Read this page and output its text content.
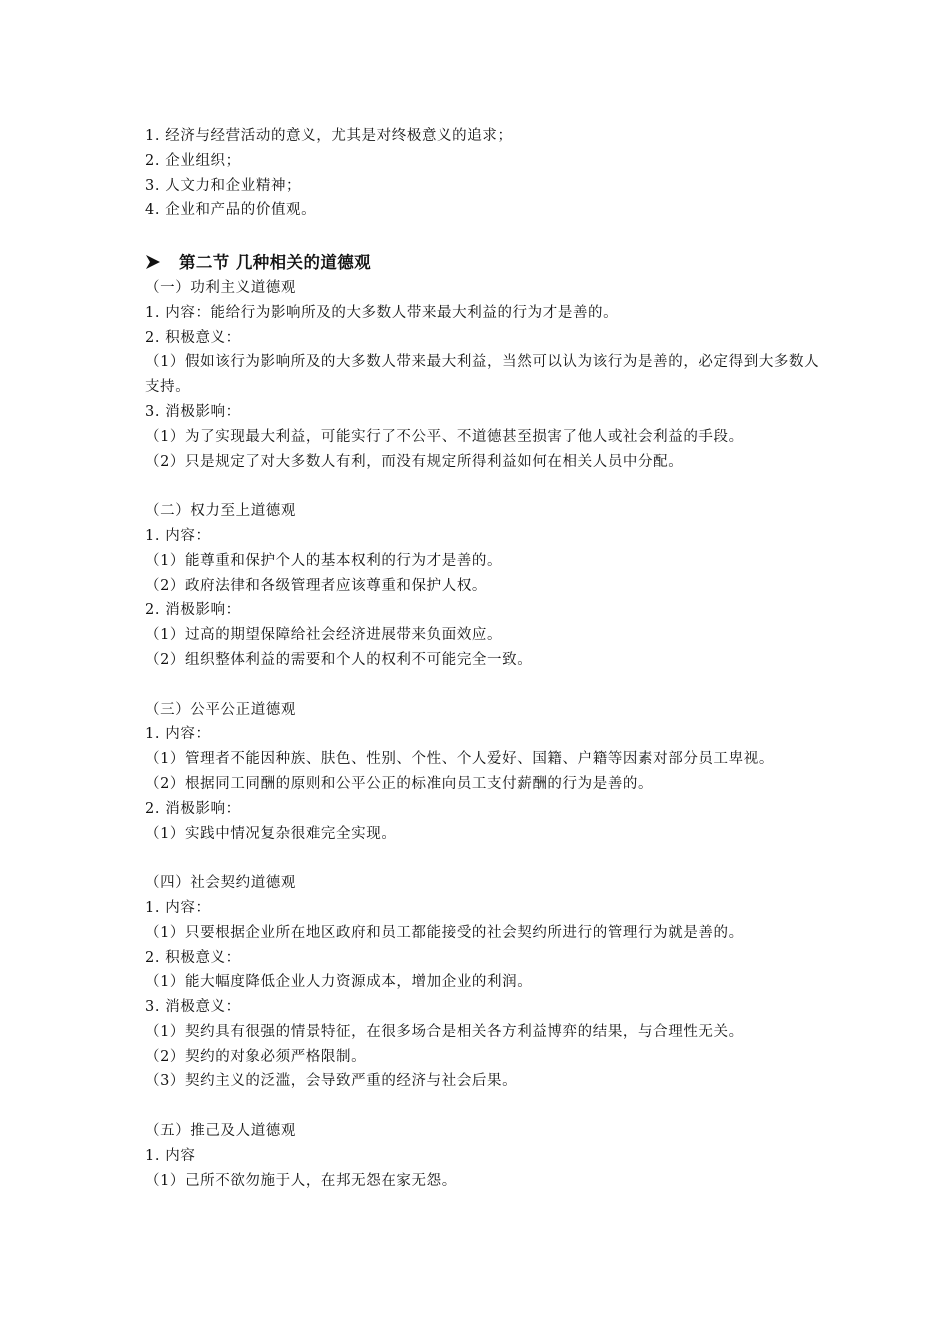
1. 经济与经营活动的意义，尤其是对终极意义的追求；
2. 企业组织；
3. 人文力和企业精神；
4. 企业和产品的价值观。
第二节 几种相关的道德观
（一）功利主义道德观
1. 内容：能给行为影响所及的大多数人带来最大利益的行为才是善的。
2. 积极意义：
（1）假如该行为影响所及的大多数人带来最大利益，当然可以认为该行为是善的，必定得到大多数人支持。
3. 消极影响：
（1）为了实现最大利益，可能实行了不公平、不道德甚至损害了他人或社会利益的手段。
（2）只是规定了对大多数人有利，而没有规定所得利益如何在相关人员中分配。
（二）权力至上道德观
1. 内容：
（1）能尊重和保护个人的基本权利的行为才是善的。
（2）政府法律和各级管理者应该尊重和保护人权。
2. 消极影响：
（1）过高的期望保障给社会经济进展带来负面效应。
（2）组织整体利益的需要和个人的权利不可能完全一致。
（三）公平公正道德观
1. 内容：
（1）管理者不能因种族、肤色、性别、个性、个人爱好、国籍、户籍等因素对部分员工卑视。
（2）根据同工同酬的原则和公平公正的标准向员工支付薪酬的行为是善的。
2. 消极影响：
（1）实践中情况复杂很难完全实现。
（四）社会契约道德观
1. 内容：
（1）只要根据企业所在地区政府和员工都能接受的社会契约所进行的管理行为就是善的。
2. 积极意义：
（1）能大幅度降低企业人力资源成本，增加企业的利润。
3. 消极意义：
（1）契约具有很强的情景特征，在很多场合是相关各方利益博弈的结果，与合理性无关。
（2）契约的对象必须严格限制。
（3）契约主义的泛滥，会导致严重的经济与社会后果。
（五）推己及人道德观
1. 内容
（1）己所不欲勿施于人，在邦无怨在家无怨。
